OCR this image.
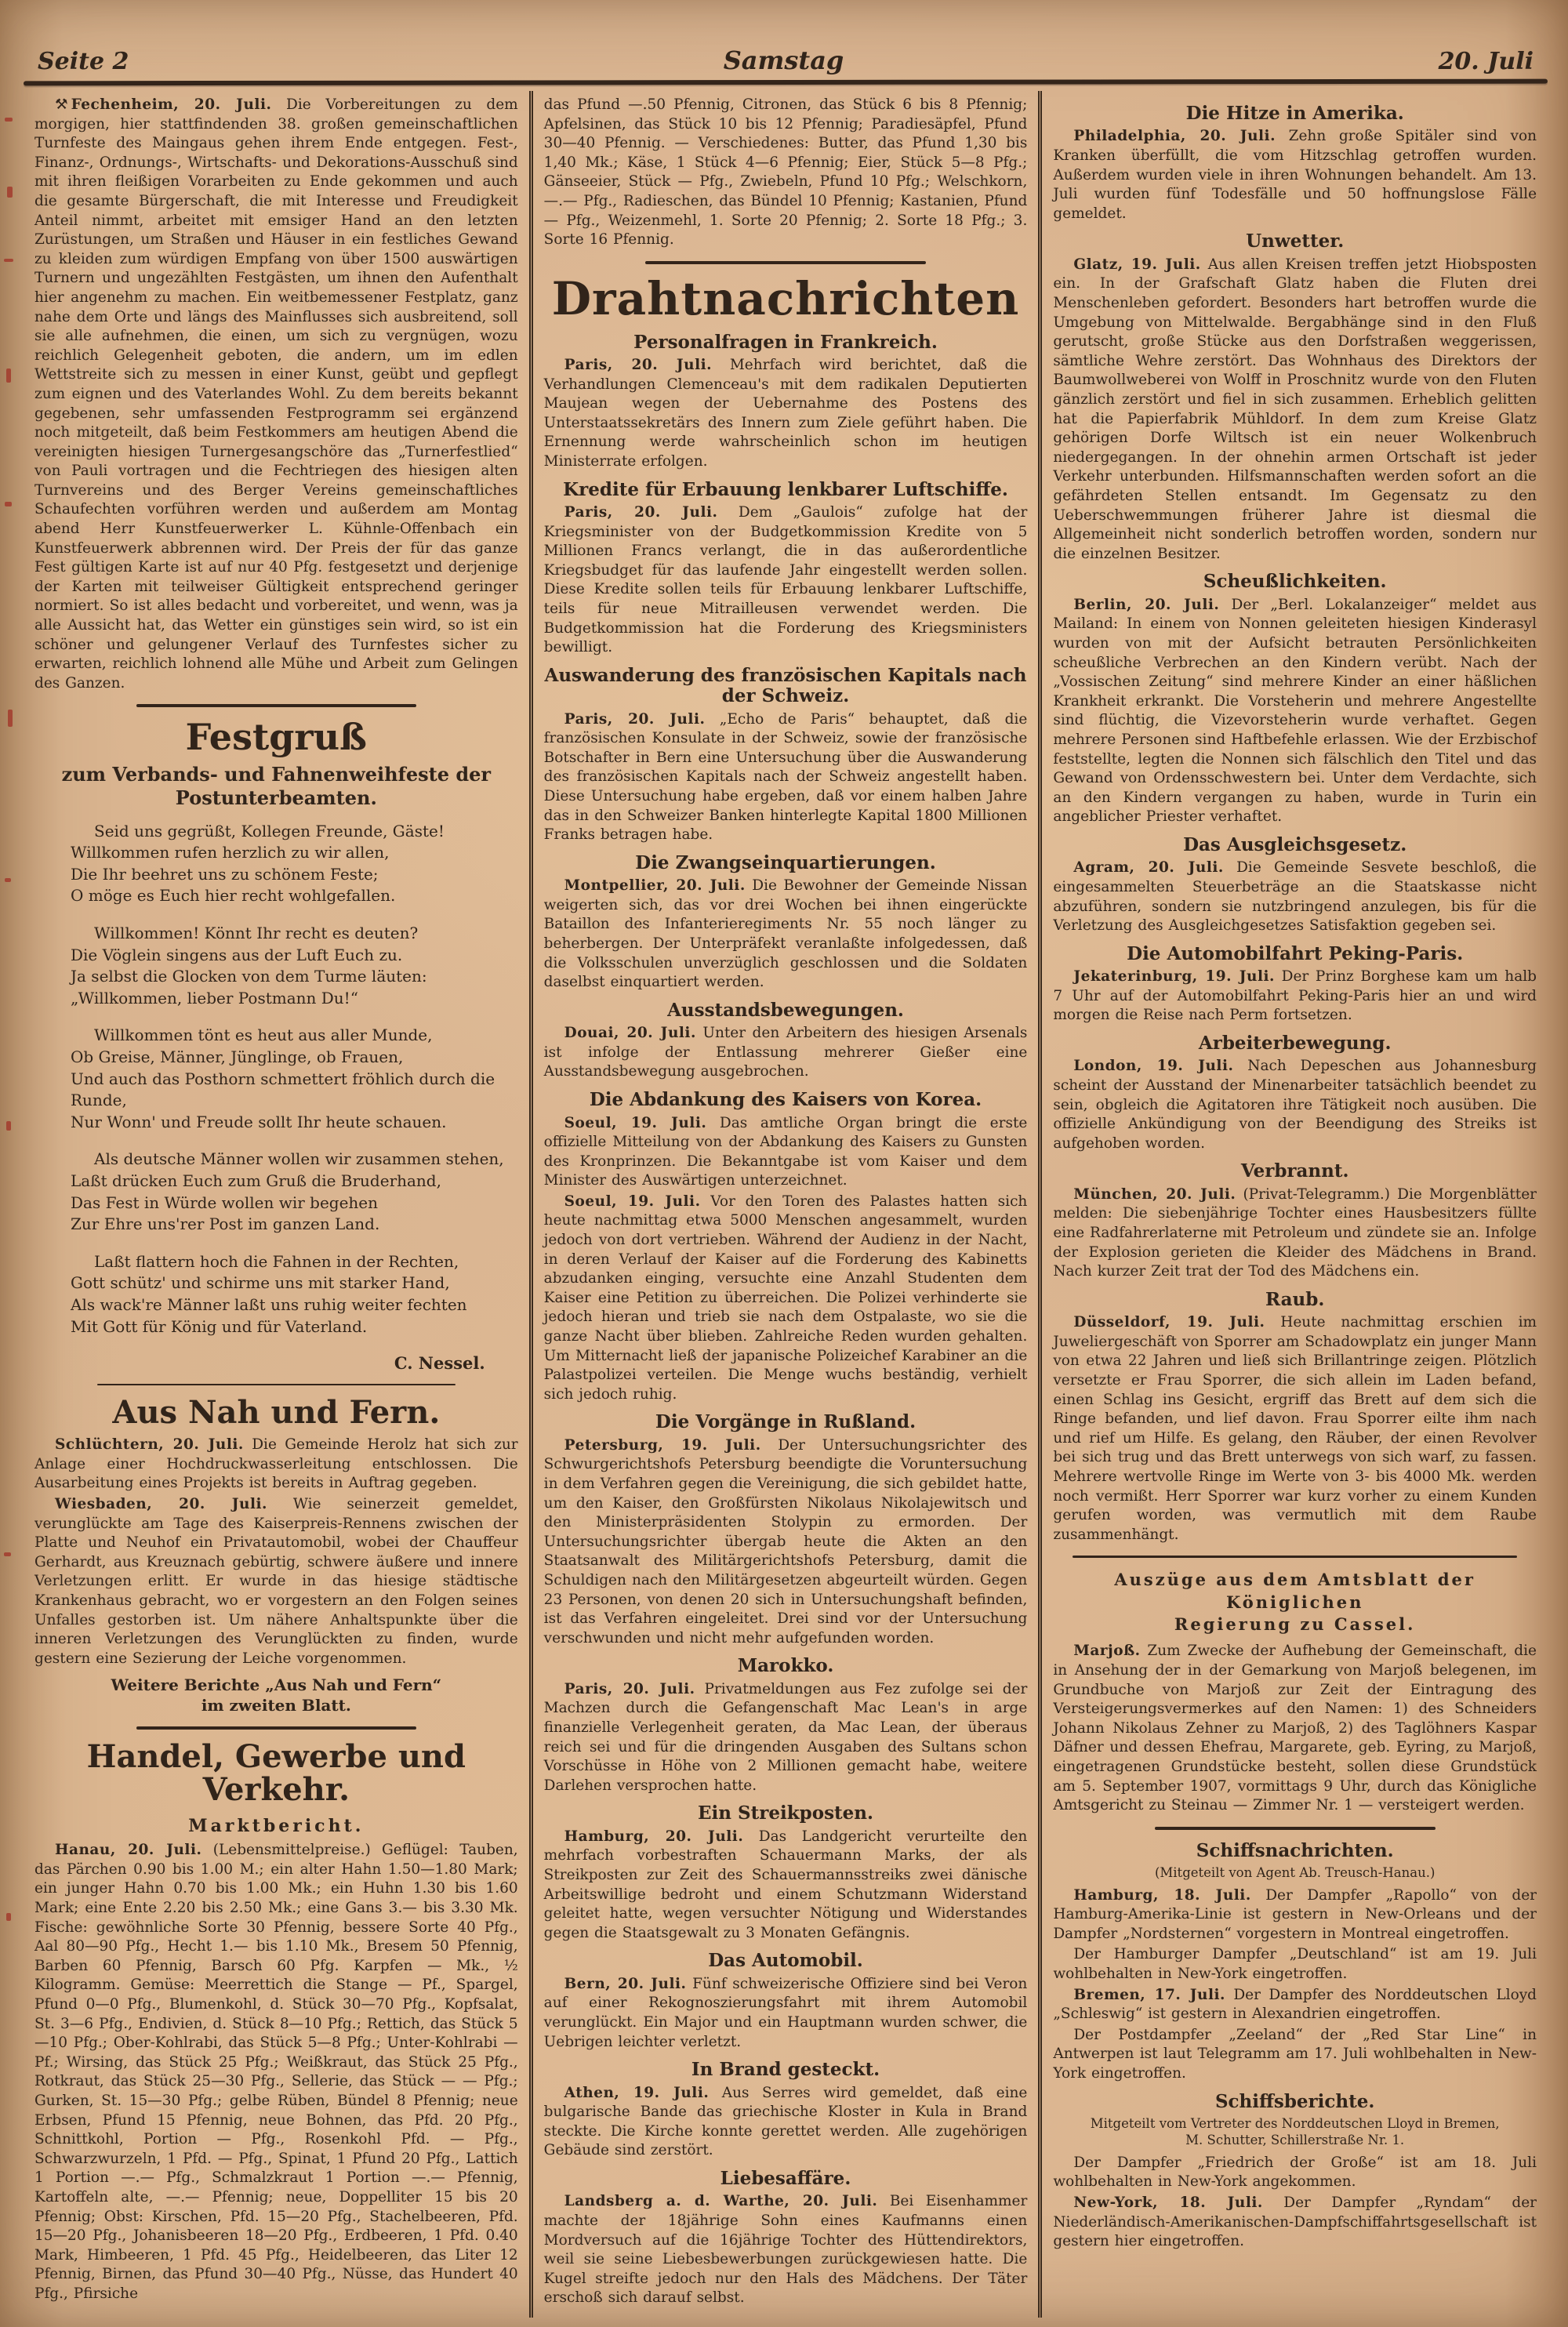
Seite 2	Samstag	20. Juli

⚒ Fechenheim, 20. Juli. Die Vorbereitungen zu dem morgigen, hier stattfindenden 38. großen gemeinschaftlichen Turnfeste des Maingaus gehen ihrem Ende entgegen. Fest-, Finanz-, Ordnungs-, Wirtschafts- und Dekorations-Ausschuß sind mit ihren fleißigen Vorarbeiten zu Ende gekommen und auch die gesamte Bürgerschaft, die mit Interesse und Freudigkeit Anteil nimmt, arbeitet mit emsiger Hand an den letzten Zurüstungen, um Straßen und Häuser in ein festliches Gewand zu kleiden zum würdigen Empfang von über 1500 auswärtigen Turnern und ungezählten Festgästen, um ihnen den Aufenthalt hier angenehm zu machen. Ein weitbemessener Festplatz, ganz nahe dem Orte und längs des Mainflusses sich ausbreitend, soll sie alle aufnehmen, die einen, um sich zu vergnügen, wozu reichlich Gelegenheit geboten, die andern, um im edlen Wettstreite sich zu messen in einer Kunst, geübt und gepflegt zum eignen und des Vaterlandes Wohl. Zu dem bereits bekannt gegebenen, sehr umfassenden Festprogramm sei ergänzend noch mitgeteilt, daß beim Festkommers am heutigen Abend die vereinigten hiesigen Turnergesangschöre das „Turnerfestlied“ von Pauli vortragen und die Fechtriegen des hiesigen alten Turnvereins und des Berger Vereins gemeinschaftliches Schaufechten vorführen werden und außerdem am Montag abend Herr Kunstfeuerwerker L. Kühnle-Offenbach ein Kunstfeuerwerk abbrennen wird. Der Preis der für das ganze Fest gültigen Karte ist auf nur 40 Pfg. festgesetzt und derjenige der Karten mit teilweiser Gültigkeit entsprechend geringer normiert. So ist alles bedacht und vorbereitet, und wenn, was ja alle Aussicht hat, das Wetter ein günstiges sein wird, so ist ein schöner und gelungener Verlauf des Turnfestes sicher zu erwarten, reichlich lohnend alle Mühe und Arbeit zum Gelingen des Ganzen.

Festgruß
zum Verbands- und Fahnenweihfeste der Postunterbeamten.
Seid uns gegrüßt, Kollegen Freunde, Gäste!
Willkommen rufen herzlich zu wir allen,
Die Ihr beehret uns zu schönem Feste;
O möge es Euch hier recht wohlgefallen.
Willkommen! Könnt Ihr recht es deuten?
Die Vöglein singens aus der Luft Euch zu.
Ja selbst die Glocken von dem Turme läuten:
„Willkommen, lieber Postmann Du!“
Willkommen tönt es heut aus aller Munde,
Ob Greise, Männer, Jünglinge, ob Frauen,
Und auch das Posthorn schmettert fröhlich durch die Runde,
Nur Wonn' und Freude sollt Ihr heute schauen.
Als deutsche Männer wollen wir zusammen stehen,
Laßt drücken Euch zum Gruß die Bruderhand,
Das Fest in Würde wollen wir begehen
Zur Ehre uns'rer Post im ganzen Land.
Laßt flattern hoch die Fahnen in der Rechten,
Gott schütz' und schirme uns mit starker Hand,
Als wack're Männer laßt uns ruhig weiter fechten
Mit Gott für König und für Vaterland.
C. Nessel.
Aus Nah und Fern.

Schlüchtern, 20. Juli. Die Gemeinde Herolz hat sich zur Anlage einer Hochdruckwasserleitung entschlossen. Die Ausarbeitung eines Projekts ist bereits in Auftrag gegeben.

Wiesbaden, 20. Juli. Wie seinerzeit gemeldet, verunglückte am Tage des Kaiserpreis-Rennens zwischen der Platte und Neuhof ein Privatautomobil, wobei der Chauffeur Gerhardt, aus Kreuznach gebürtig, schwere äußere und innere Verletzungen erlitt. Er wurde in das hiesige städtische Krankenhaus gebracht, wo er vorgestern an den Folgen seines Unfalles gestorben ist. Um nähere Anhaltspunkte über die inneren Verletzungen des Verunglückten zu finden, wurde gestern eine Sezierung der Leiche vorgenommen.

Weitere Berichte „Aus Nah und Fern“
im zweiten Blatt.
Handel, Gewerbe und Verkehr.
Marktbericht.

Hanau, 20. Juli. (Lebensmittelpreise.) Geflügel: Tauben, das Pärchen 0.90 bis 1.00 M.; ein alter Hahn 1.50—1.80 Mark; ein junger Hahn 0.70 bis 1.00 Mk.; ein Huhn 1.30 bis 1.60 Mark; eine Ente 2.20 bis 2.50 Mk.; eine Gans 3.— bis 3.30 Mk. Fische: gewöhnliche Sorte 30 Pfennig, bessere Sorte 40 Pfg., Aal 80—90 Pfg., Hecht 1.— bis 1.10 Mk., Bresem 50 Pfennig, Barben 60 Pfennig, Barsch 60 Pfg. Karpfen — Mk., ½ Kilogramm. Gemüse: Meerrettich die Stange — Pf., Spargel, Pfund 0—0 Pfg., Blumenkohl, d. Stück 30—70 Pfg., Kopfsalat, St. 3—6 Pfg., Endivien, d. Stück 8—10 Pfg.; Rettich, das Stück 5—10 Pfg.; Ober-Kohlrabi, das Stück 5—8 Pfg.; Unter-Kohlrabi — Pf.; Wirsing, das Stück 25 Pfg.; Weißkraut, das Stück 25 Pfg., Rotkraut, das Stück 25—30 Pfg., Sellerie, das Stück — — Pfg.; Gurken, St. 15—30 Pfg.; gelbe Rüben, Bündel 8 Pfennig; neue Erbsen, Pfund 15 Pfennig, neue Bohnen, das Pfd. 20 Pfg., Schnittkohl, Portion — Pfg., Rosenkohl Pfd. — Pfg., Schwarzwurzeln, 1 Pfd. — Pfg., Spinat, 1 Pfund 20 Pfg., Lattich 1 Portion —.— Pfg., Schmalzkraut 1 Portion —.— Pfennig, Kartoffeln alte, —.— Pfennig; neue, Doppelliter 15 bis 20 Pfennig; Obst: Kirschen, Pfd. 15—20 Pfg., Stachelbeeren, Pfd. 15—20 Pfg., Johanisbeeren 18—20 Pfg., Erdbeeren, 1 Pfd. 0.40 Mark, Himbeeren, 1 Pfd. 45 Pfg., Heidelbeeren, das Liter 12 Pfennig, Birnen, das Pfund 30—40 Pfg., Nüsse, das Hundert 40 Pfg., Pfirsiche

das Pfund —.50 Pfennig, Citronen, das Stück 6 bis 8 Pfennig; Apfelsinen, das Stück 10 bis 12 Pfennig; Paradiesäpfel, Pfund 30—40 Pfennig. — Verschiedenes: Butter, das Pfund 1,30 bis 1,40 Mk.; Käse, 1 Stück 4—6 Pfennig; Eier, Stück 5—8 Pfg.; Gänseeier, Stück — Pfg., Zwiebeln, Pfund 10 Pfg.; Welschkorn, —.— Pfg., Radieschen, das Bündel 10 Pfennig; Kastanien, Pfund — Pfg., Weizenmehl, 1. Sorte 20 Pfennig; 2. Sorte 18 Pfg.; 3. Sorte 16 Pfennig.

Drahtnachrichten
Personalfragen in Frankreich.

Paris, 20. Juli. Mehrfach wird berichtet, daß die Verhandlungen Clemenceau's mit dem radikalen Deputierten Maujean wegen der Uebernahme des Postens des Unterstaatssekretärs des Innern zum Ziele geführt haben. Die Ernennung werde wahrscheinlich schon im heutigen Ministerrate erfolgen.

Kredite für Erbauung lenkbarer Luftschiffe.

Paris, 20. Juli. Dem „Gaulois“ zufolge hat der Kriegsminister von der Budgetkommission Kredite von 5 Millionen Francs verlangt, die in das außerordentliche Kriegsbudget für das laufende Jahr eingestellt werden sollen. Diese Kredite sollen teils für Erbauung lenkbarer Luftschiffe, teils für neue Mitrailleusen verwendet werden. Die Budgetkommission hat die Forderung des Kriegsministers bewilligt.

Auswanderung des französischen Kapitals nach der Schweiz.

Paris, 20. Juli. „Echo de Paris“ behauptet, daß die französischen Konsulate in der Schweiz, sowie der französische Botschafter in Bern eine Untersuchung über die Auswanderung des französischen Kapitals nach der Schweiz angestellt haben. Diese Untersuchung habe ergeben, daß vor einem halben Jahre das in den Schweizer Banken hinterlegte Kapital 1800 Millionen Franks betragen habe.

Die Zwangseinquartierungen.

Montpellier, 20. Juli. Die Bewohner der Gemeinde Nissan weigerten sich, das vor drei Wochen bei ihnen eingerückte Bataillon des Infanterieregiments Nr. 55 noch länger zu beherbergen. Der Unterpräfekt veranlaßte infolgedessen, daß die Volksschulen unverzüglich geschlossen und die Soldaten daselbst einquartiert werden.

Ausstandsbewegungen.

Douai, 20. Juli. Unter den Arbeitern des hiesigen Arsenals ist infolge der Entlassung mehrerer Gießer eine Ausstandsbewegung ausgebrochen.

Die Abdankung des Kaisers von Korea.

Soeul, 19. Juli. Das amtliche Organ bringt die erste offizielle Mitteilung von der Abdankung des Kaisers zu Gunsten des Kronprinzen. Die Bekanntgabe ist vom Kaiser und dem Minister des Auswärtigen unterzeichnet.

Soeul, 19. Juli. Vor den Toren des Palastes hatten sich heute nachmittag etwa 5000 Menschen angesammelt, wurden jedoch von dort vertrieben. Während der Audienz in der Nacht, in deren Verlauf der Kaiser auf die Forderung des Kabinetts abzudanken einging, versuchte eine Anzahl Studenten dem Kaiser eine Petition zu überreichen. Die Polizei verhinderte sie jedoch hieran und trieb sie nach dem Ostpalaste, wo sie die ganze Nacht über blieben. Zahlreiche Reden wurden gehalten. Um Mitternacht ließ der japanische Polizeichef Karabiner an die Palastpolizei verteilen. Die Menge wuchs beständig, verhielt sich jedoch ruhig.

Die Vorgänge in Rußland.

Petersburg, 19. Juli. Der Untersuchungsrichter des Schwurgerichtshofs Petersburg beendigte die Voruntersuchung in dem Verfahren gegen die Vereinigung, die sich gebildet hatte, um den Kaiser, den Großfürsten Nikolaus Nikolajewitsch und den Ministerpräsidenten Stolypin zu ermorden. Der Untersuchungsrichter übergab heute die Akten an den Staatsanwalt des Militärgerichtshofs Petersburg, damit die Schuldigen nach den Militärgesetzen abgeurteilt würden. Gegen 23 Personen, von denen 20 sich in Untersuchungshaft befinden, ist das Verfahren eingeleitet. Drei sind vor der Untersuchung verschwunden und nicht mehr aufgefunden worden.

Marokko.

Paris, 20. Juli. Privatmeldungen aus Fez zufolge sei der Machzen durch die Gefangenschaft Mac Lean's in arge finanzielle Verlegenheit geraten, da Mac Lean, der überaus reich sei und für die dringenden Ausgaben des Sultans schon Vorschüsse in Höhe von 2 Millionen gemacht habe, weitere Darlehen versprochen hatte.

Ein Streikposten.

Hamburg, 20. Juli. Das Landgericht verurteilte den mehrfach vorbestraften Schauermann Marks, der als Streikposten zur Zeit des Schauermannsstreiks zwei dänische Arbeitswillige bedroht und einem Schutzmann Widerstand geleitet hatte, wegen versuchter Nötigung und Widerstandes gegen die Staatsgewalt zu 3 Monaten Gefängnis.

Das Automobil.

Bern, 20. Juli. Fünf schweizerische Offiziere sind bei Veron auf einer Rekognoszierungsfahrt mit ihrem Automobil verunglückt. Ein Major und ein Hauptmann wurden schwer, die Uebrigen leichter verletzt.

In Brand gesteckt.

Athen, 19. Juli. Aus Serres wird gemeldet, daß eine bulgarische Bande das griechische Kloster in Kula in Brand steckte. Die Kirche konnte gerettet werden. Alle zugehörigen Gebäude sind zerstört.

Liebesaffäre.

Landsberg a. d. Warthe, 20. Juli. Bei Eisenhammer machte der 18jährige Sohn eines Kaufmanns einen Mordversuch auf die 16jährige Tochter des Hüttendirektors, weil sie seine Liebesbewerbungen zurückgewiesen hatte. Die Kugel streifte jedoch nur den Hals des Mädchens. Der Täter erschoß sich darauf selbst.

Die Hitze in Amerika.

Philadelphia, 20. Juli. Zehn große Spitäler sind von Kranken überfüllt, die vom Hitzschlag getroffen wurden. Außerdem wurden viele in ihren Wohnungen behandelt. Am 13. Juli wurden fünf Todesfälle und 50 hoffnungslose Fälle gemeldet.

Unwetter.

Glatz, 19. Juli. Aus allen Kreisen treffen jetzt Hiobsposten ein. In der Grafschaft Glatz haben die Fluten drei Menschenleben gefordert. Besonders hart betroffen wurde die Umgebung von Mittelwalde. Bergabhänge sind in den Fluß gerutscht, große Stücke aus den Dorfstraßen weggerissen, sämtliche Wehre zerstört. Das Wohnhaus des Direktors der Baumwollweberei von Wolff in Proschnitz wurde von den Fluten gänzlich zerstört und fiel in sich zusammen. Erheblich gelitten hat die Papierfabrik Mühldorf. In dem zum Kreise Glatz gehörigen Dorfe Wiltsch ist ein neuer Wolkenbruch niedergegangen. In der ohnehin armen Ortschaft ist jeder Verkehr unterbunden. Hilfsmannschaften werden sofort an die gefährdeten Stellen entsandt. Im Gegensatz zu den Ueberschwemmungen früherer Jahre ist diesmal die Allgemeinheit nicht sonderlich betroffen worden, sondern nur die einzelnen Besitzer.

Scheußlichkeiten.

Berlin, 20. Juli. Der „Berl. Lokalanzeiger“ meldet aus Mailand: In einem von Nonnen geleiteten hiesigen Kinderasyl wurden von mit der Aufsicht betrauten Persönlichkeiten scheußliche Verbrechen an den Kindern verübt. Nach der „Vossischen Zeitung“ sind mehrere Kinder an einer häßlichen Krankheit erkrankt. Die Vorsteherin und mehrere Angestellte sind flüchtig, die Vizevorsteherin wurde verhaftet. Gegen mehrere Personen sind Haftbefehle erlassen. Wie der Erzbischof feststellte, legten die Nonnen sich fälschlich den Titel und das Gewand von Ordensschwestern bei. Unter dem Verdachte, sich an den Kindern vergangen zu haben, wurde in Turin ein angeblicher Priester verhaftet.

Das Ausgleichsgesetz.

Agram, 20. Juli. Die Gemeinde Sesvete beschloß, die eingesammelten Steuerbeträge an die Staatskasse nicht abzuführen, sondern sie nutzbringend anzulegen, bis für die Verletzung des Ausgleichgesetzes Satisfaktion gegeben sei.

Die Automobilfahrt Peking-Paris.

Jekaterinburg, 19. Juli. Der Prinz Borghese kam um halb 7 Uhr auf der Automobilfahrt Peking-Paris hier an und wird morgen die Reise nach Perm fortsetzen.

Arbeiterbewegung.

London, 19. Juli. Nach Depeschen aus Johannesburg scheint der Ausstand der Minenarbeiter tatsächlich beendet zu sein, obgleich die Agitatoren ihre Tätigkeit noch ausüben. Die offizielle Ankündigung von der Beendigung des Streiks ist aufgehoben worden.

Verbrannt.

München, 20. Juli. (Privat-Telegramm.) Die Morgenblätter melden: Die siebenjährige Tochter eines Hausbesitzers füllte eine Radfahrerlaterne mit Petroleum und zündete sie an. Infolge der Explosion gerieten die Kleider des Mädchens in Brand. Nach kurzer Zeit trat der Tod des Mädchens ein.

Raub.

Düsseldorf, 19. Juli. Heute nachmittag erschien im Juweliergeschäft von Sporrer am Schadowplatz ein junger Mann von etwa 22 Jahren und ließ sich Brillantringe zeigen. Plötzlich versetzte er Frau Sporrer, die sich allein im Laden befand, einen Schlag ins Gesicht, ergriff das Brett auf dem sich die Ringe befanden, und lief davon. Frau Sporrer eilte ihm nach und rief um Hilfe. Es gelang, den Räuber, der einen Revolver bei sich trug und das Brett unterwegs von sich warf, zu fassen. Mehrere wertvolle Ringe im Werte von 3- bis 4000 Mk. werden noch vermißt. Herr Sporrer war kurz vorher zu einem Kunden gerufen worden, was vermutlich mit dem Raube zusammenhängt.

Auszüge aus dem Amtsblatt der Königlichen
Regierung zu Cassel.

Marjoß. Zum Zwecke der Aufhebung der Gemeinschaft, die in Ansehung der in der Gemarkung von Marjoß belegenen, im Grundbuche von Marjoß zur Zeit der Eintragung des Versteigerungsvermerkes auf den Namen: 1) des Schneiders Johann Nikolaus Zehner zu Marjoß, 2) des Taglöhners Kaspar Däfner und dessen Ehefrau, Margarete, geb. Eyring, zu Marjoß, eingetragenen Grundstücke besteht, sollen diese Grundstück am 5. September 1907, vormittags 9 Uhr, durch das Königliche Amtsgericht zu Steinau — Zimmer Nr. 1 — versteigert werden.

Schiffsnachrichten.
(Mitgeteilt von Agent Ab. Treusch-Hanau.)

Hamburg, 18. Juli. Der Dampfer „Rapollo“ von der Hamburg-Amerika-Linie ist gestern in New-Orleans und der Dampfer „Nordsternen“ vorgestern in Montreal eingetroffen.

Der Hamburger Dampfer „Deutschland“ ist am 19. Juli wohlbehalten in New-York eingetroffen.

Bremen, 17. Juli. Der Dampfer des Norddeutschen Lloyd „Schleswig“ ist gestern in Alexandrien eingetroffen.

Der Postdampfer „Zeeland“ der „Red Star Line“ in Antwerpen ist laut Telegramm am 17. Juli wohlbehalten in New-York eingetroffen.

Schiffsberichte.
Mitgeteilt vom Vertreter des Norddeutschen Lloyd in Bremen,
M. Schutter, Schillerstraße Nr. 1.

Der Dampfer „Friedrich der Große“ ist am 18. Juli wohlbehalten in New-York angekommen.

New-York, 18. Juli. Der Dampfer „Ryndam“ der Niederländisch-Amerikanischen-Dampfschiffahrtsgesellschaft ist gestern hier eingetroffen.
